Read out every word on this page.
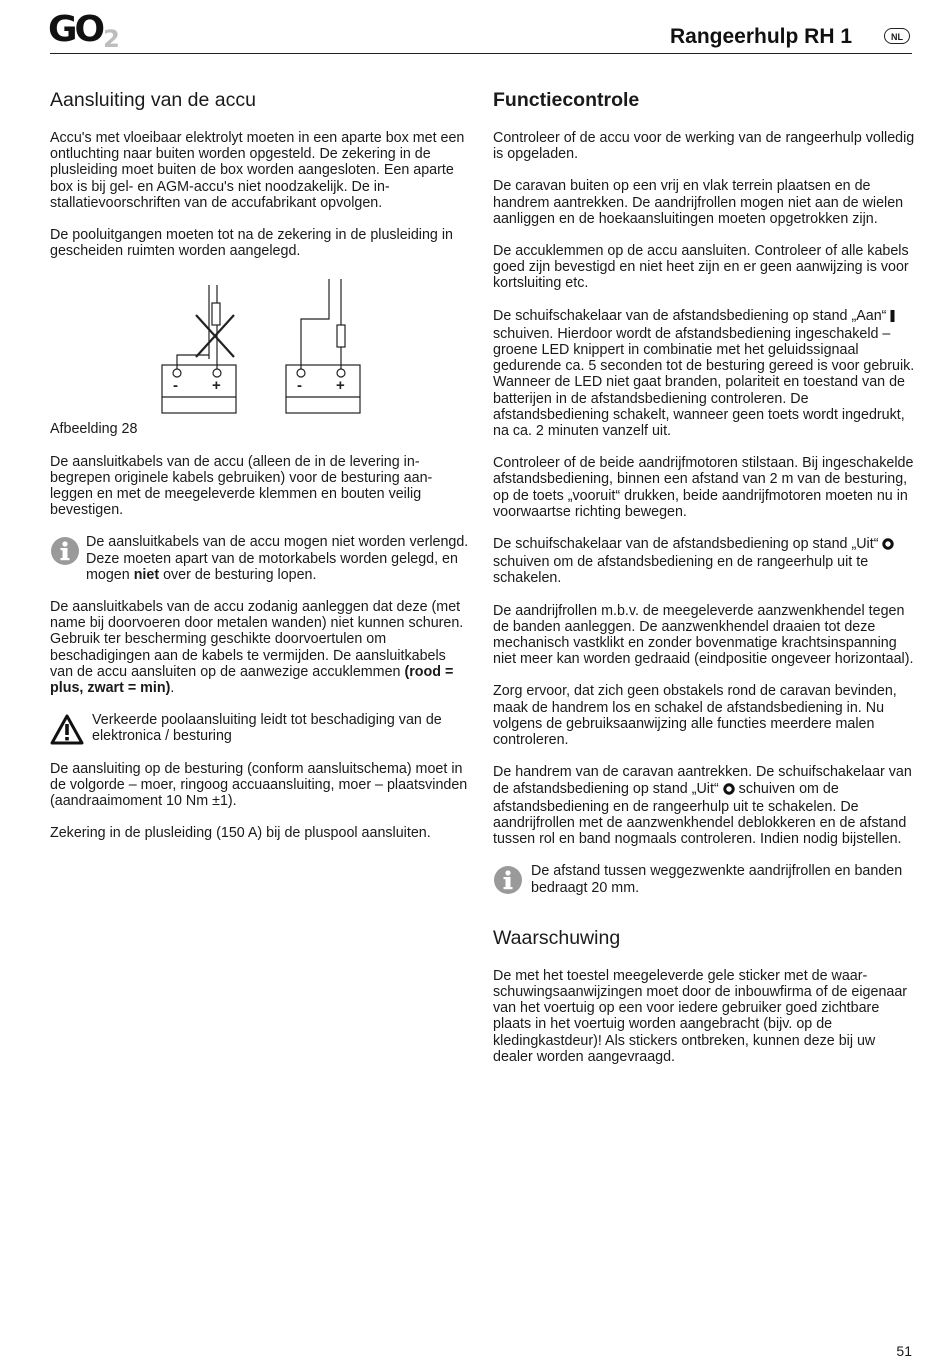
GO2	Rangeerhulp RH 1	NL
Aansluiting van de accu

Accu's met vloeibaar elektrolyt moeten in een aparte box met een ontluchting naar buiten worden opgesteld. De zekering in de plusleiding moet buiten de box worden aangesloten. Een aparte box is bij gel- en AGM-accu's niet noodzakelijk. De installatievoorschriften van de accufabrikant opvolgen.

De pooluitgangen moeten tot na de zekering in de plusleiding in gescheiden ruimten worden aangelegd.

- +	- +

Afbeelding 28

De aansluitkabels van de accu (alleen de in de levering inbegrepen originele kabels gebruiken) voor de besturing aanleggen en met de meegeleverde klemmen en bouten veilig bevestigen.

De aansluitkabels van de accu mogen niet worden verlengd. Deze moeten apart van de motorkabels worden gelegd, en mogen niet over de besturing lopen.

De aansluitkabels van de accu zodanig aanleggen dat deze (met name bij doorvoeren door metalen wanden) niet kunnen schuren. Gebruik ter bescherming geschikte doorvoertulen om beschadigingen aan de kabels te vermijden. De aansluitkabels van de accu aansluiten op de aanwezige accuklemmen (rood = plus, zwart = min).

Verkeerde poolaansluiting leidt tot beschadiging van de elektronica / besturing

De aansluiting op de besturing (conform aansluitschema) moet in de volgorde – moer, ringoog accuaansluiting, moer – plaatsvinden (aandraaimoment 10 Nm ±1).

Zekering in de plusleiding (150 A) bij de pluspool aansluiten.

Functiecontrole

Controleer of de accu voor de werking van de rangeerhulp volledig is opgeladen.

De caravan buiten op een vrij en vlak terrein plaatsen en de handrem aantrekken. De aandrijfrollen mogen niet aan de wielen aanliggen en de hoekaansluitingen moeten opgetrokken zijn.

De accuklemmen op de accu aansluiten. Controleer of alle kabels goed zijn bevestigd en niet heet zijn en er geen aanwijzing is voor kortsluiting etc.

De schuifschakelaar van de afstandsbediening op stand „Aan“  schuiven. Hierdoor wordt de afstandsbediening ingeschakeld – groene LED knippert in combinatie met het geluidssignaal gedurende ca. 5 seconden tot de besturing gereed is voor gebruik. Wanneer de LED niet gaat branden, polariteit en toestand van de batterijen in de afstandsbediening controleren. De afstandsbediening schakelt, wanneer geen toets wordt ingedrukt, na ca. 2 minuten vanzelf uit.

Controleer of de beide aandrijfmotoren stilstaan. Bij ingeschakelde afstandsbediening, binnen een afstand van 2 m van de besturing, op de toets „vooruit“ drukken, beide aandrijfmotoren moeten nu in voorwaartse richting bewegen.

De schuifschakelaar van de afstandsbediening op stand „Uit“  schuiven om de afstandsbediening en de rangeerhulp uit te schakelen.

De aandrijfrollen m.b.v. de meegeleverde aanzwenkhendel tegen de banden aanleggen. De aanzwenkhendel draaien tot deze mechanisch vastklikt en zonder bovenmatige krachtsinspanning niet meer kan worden gedraaid (eindpositie ongeveer horizontaal).

Zorg ervoor, dat zich geen obstakels rond de caravan bevinden, maak de handrem los en schakel de afstandsbediening in. Nu volgens de gebruiksaanwijzing alle functies meerdere malen controleren.

De handrem van de caravan aantrekken. De schuifschakelaar van de afstandsbediening op stand „Uit“  schuiven om de afstandsbediening en de rangeerhulp uit te schakelen. De aandrijfrollen met de aanzwenkhendel deblokkeren en de afstand tussen rol en band nogmaals controleren. Indien nodig bijstellen.

De afstand tussen weggezwenkte aandrijfrollen en banden bedraagt 20 mm.

Waarschuwing

De met het toestel meegeleverde gele sticker met de waarschuwingsaanwijzingen moet door de inbouwfirma of de eigenaar van het voertuig op een voor iedere gebruiker goed zichtbare plaats in het voertuig worden aangebracht (bijv. op de kledingkastdeur)! Als stickers ontbreken, kunnen deze bij uw dealer worden aangevraagd.

51
